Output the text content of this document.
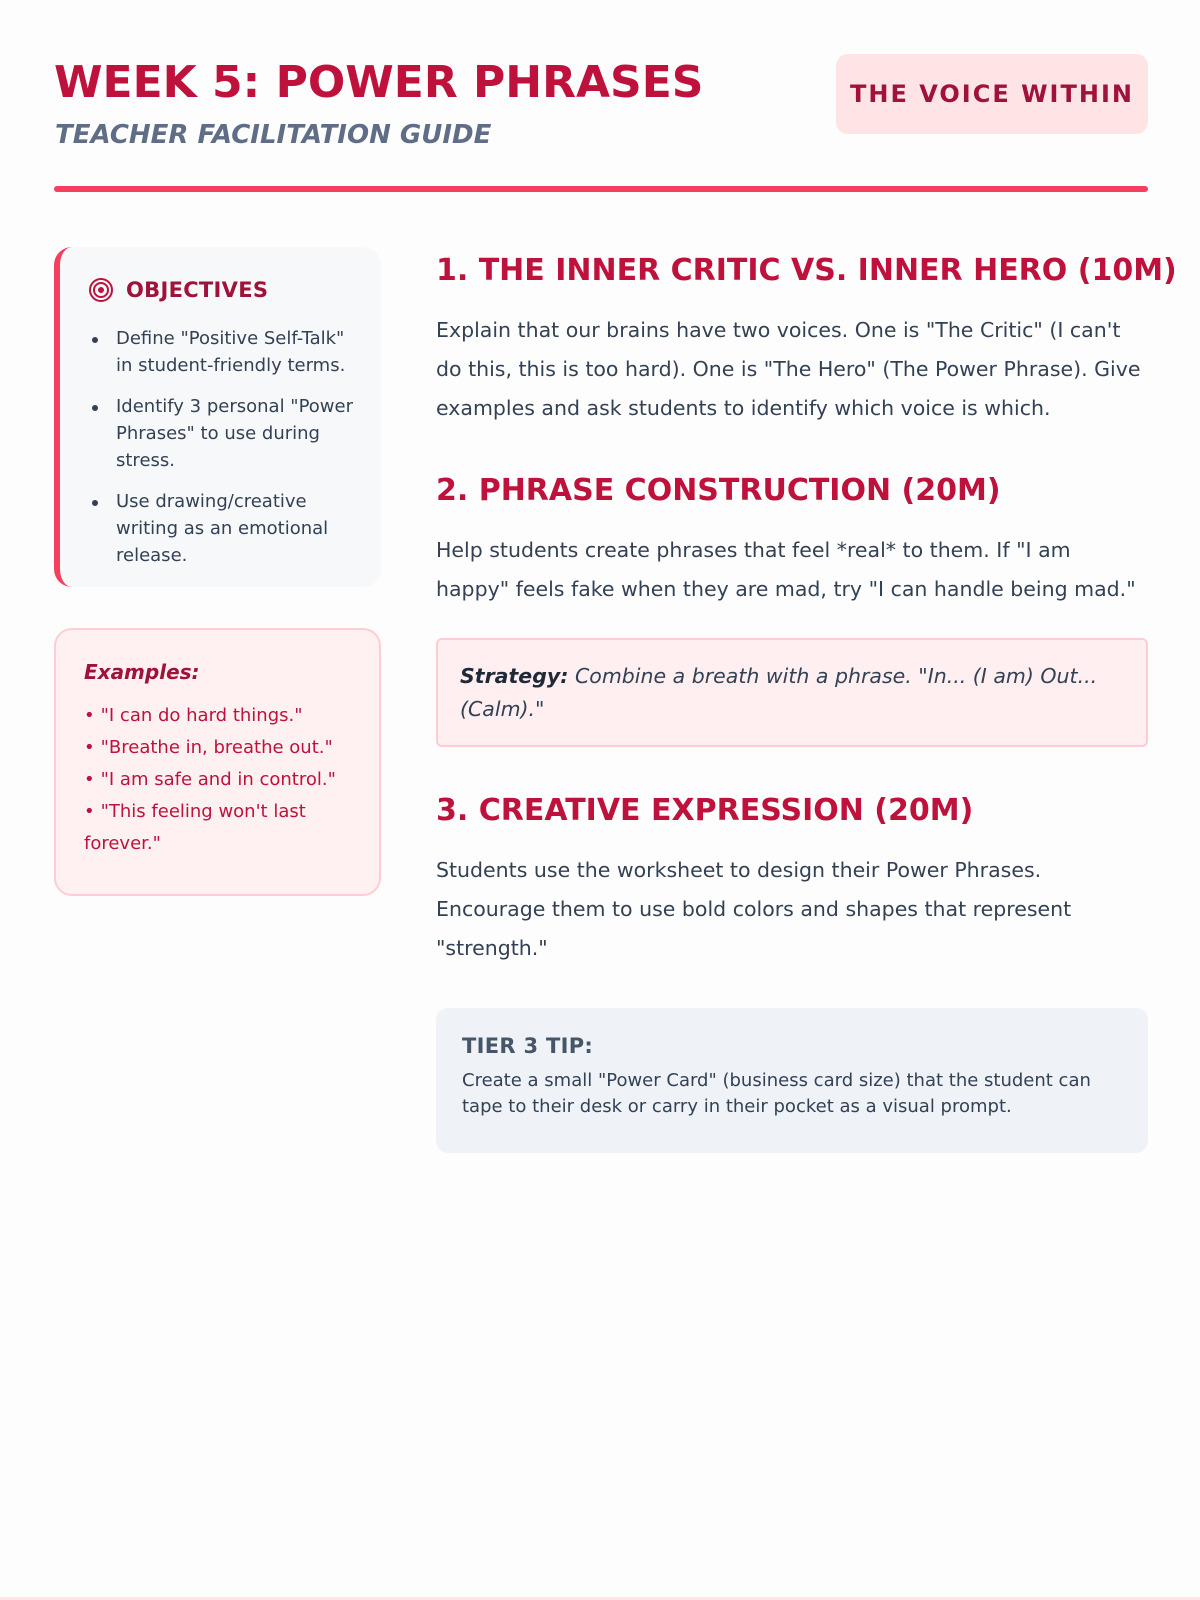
WEEK 5: POWER PHRASES
TEACHER FACILITATION GUIDE
THE VOICE WITHIN
OBJECTIVES
Define "Positive Self-Talk" in student-friendly terms.
Identify 3 personal "Power Phrases" to use during stress.
Use drawing/creative writing as an emotional release.

Examples:

• "I can do hard things."
• "Breathe in, breathe out."
• "I am safe and in control."
• "This feeling won't last forever."
1. THE INNER CRITIC VS. INNER HERO (10M)

Explain that our brains have two voices. One is "The Critic" (I can't do this, this is too hard). One is "The Hero" (The Power Phrase). Give examples and ask students to identify which voice is which.

2. PHRASE CONSTRUCTION (20M)

Help students create phrases that feel *real* to them. If "I am happy" feels fake when they are mad, try "I can handle being mad."

Strategy: Combine a breath with a phrase. "In... (I am) Out... (Calm)."
3. CREATIVE EXPRESSION (20M)

Students use the worksheet to design their Power Phrases. Encourage them to use bold colors and shapes that represent "strength."

TIER 3 TIP:

Create a small "Power Card" (business card size) that the student can tape to their desk or carry in their pocket as a visual prompt.
